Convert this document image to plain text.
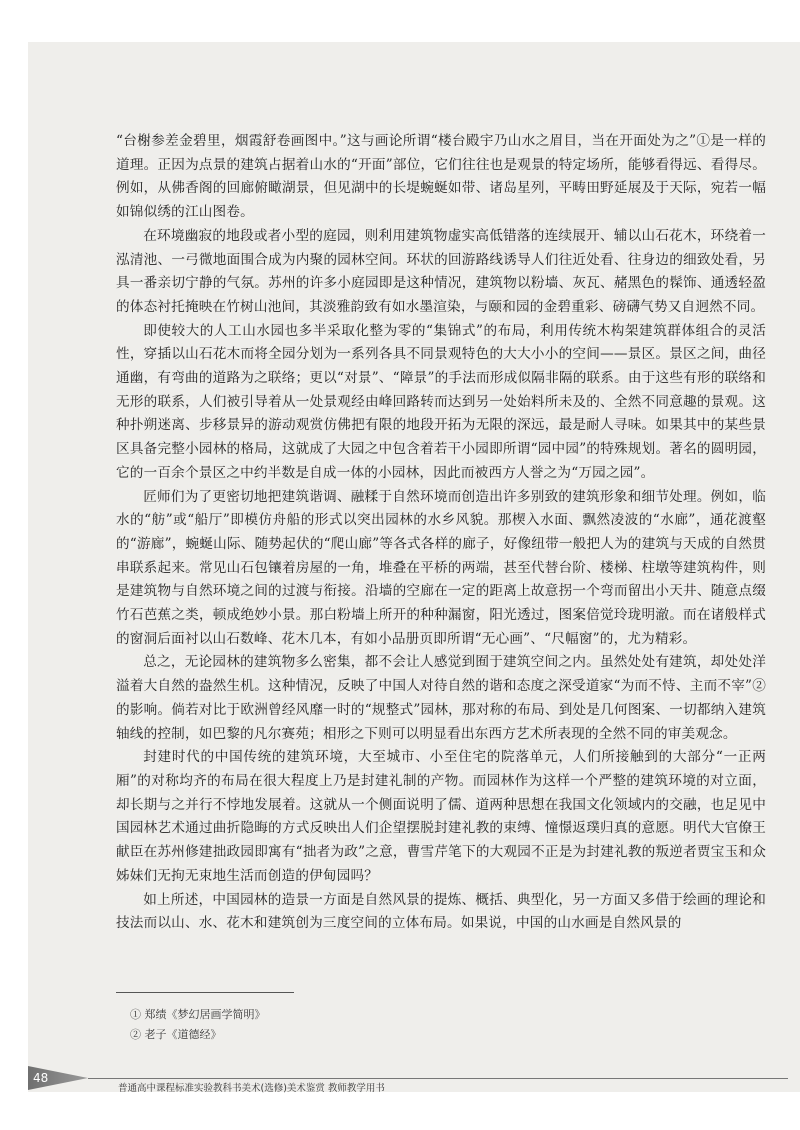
“台榭参差金碧里，烟霞舒卷画图中。”这与画论所谓“楼台殿宇乃山水之眉目，当在开面处为之”①是一样的道理。正因为点景的建筑占据着山水的“开面”部位，它们往往也是观景的特定场所，能够看得远、看得尽。例如，从佛香阁的回廊俯瞰湖景，但见湖中的长堤蜿蜒如带、诸岛星列，平畴田野延展及于天际，宛若一幅如锦似绣的江山图卷。

在环境幽寂的地段或者小型的庭园，则利用建筑物虚实高低错落的连续展开、辅以山石花木，环绕着一泓清池、一弓微地面围合成为内聚的园林空间。环状的回游路线诱导人们往近处看、往身边的细致处看，另具一番亲切宁静的气氛。苏州的许多小庭园即是这种情况，建筑物以粉墙、灰瓦、赭黑色的髹饰、通透轻盈的体态衬托掩映在竹树山池间，其淡雅韵致有如水墨渲染，与颐和园的金碧重彩、磅礴气势又自迥然不同。

即使较大的人工山水园也多半采取化整为零的“集锦式”的布局，利用传统木构架建筑群体组合的灵活性，穿插以山石花木而将全园分划为一系列各具不同景观特色的大大小小的空间——景区。景区之间，曲径通幽，有弯曲的道路为之联络；更以“对景”、“障景”的手法而形成似隔非隔的联系。由于这些有形的联络和无形的联系，人们被引导着从一处景观经由峰回路转而达到另一处始料所未及的、全然不同意趣的景观。这种扑朔迷离、步移景异的游动观赏仿佛把有限的地段开拓为无限的深远，最是耐人寻味。如果其中的某些景区具备完整小园林的格局，这就成了大园之中包含着若干小园即所谓“园中园”的特殊规划。著名的圆明园，它的一百余个景区之中约半数是自成一体的小园林，因此而被西方人誉之为“万园之园”。

匠师们为了更密切地把建筑谐调、融糅于自然环境而创造出许多别致的建筑形象和细节处理。例如，临水的“舫”或“船厅”即模仿舟船的形式以突出园林的水乡风貌。那楔入水面、飘然凌波的“水廊”，通花渡壑的“游廊”，蜿蜒山际、随势起伏的“爬山廊”等各式各样的廊子，好像纽带一般把人为的建筑与天成的自然贯串联系起来。常见山石包镶着房屋的一角，堆叠在平桥的两端，甚至代替台阶、楼梯、柱墩等建筑构件，则是建筑物与自然环境之间的过渡与衔接。沿墙的空廊在一定的距离上故意拐一个弯而留出小天井、随意点缀竹石芭蕉之类，顿成绝妙小景。那白粉墙上所开的种种漏窗，阳光透过，图案倍觉玲珑明澈。而在诸般样式的窗洞后面衬以山石数峰、花木几本，有如小品册页即所谓“无心画”、“尺幅窗”的，尤为精彩。

总之，无论园林的建筑物多么密集，都不会让人感觉到囿于建筑空间之内。虽然处处有建筑，却处处洋溢着大自然的盎然生机。这种情况，反映了中国人对待自然的谐和态度之深受道家“为而不恃、主而不宰”②的影响。倘若对比于欧洲曾经风靡一时的“规整式”园林，那对称的布局、到处是几何图案、一切都纳入建筑轴线的控制，如巴黎的凡尔赛苑；相形之下则可以明显看出东西方艺术所表现的全然不同的审美观念。

封建时代的中国传统的建筑环境，大至城市、小至住宅的院落单元，人们所接触到的大部分“一正两厢”的对称均齐的布局在很大程度上乃是封建礼制的产物。而园林作为这样一个严整的建筑环境的对立面，却长期与之并行不悖地发展着。这就从一个侧面说明了儒、道两种思想在我国文化领域内的交融，也足见中国园林艺术通过曲折隐晦的方式反映出人们企望摆脱封建礼教的束缚、憧憬返璞归真的意愿。明代大官僚王献臣在苏州修建拙政园即寓有“拙者为政”之意，曹雪芹笔下的大观园不正是为封建礼教的叛逆者贾宝玉和众姊妹们无拘无束地生活而创造的伊甸园吗？

如上所述，中国园林的造景一方面是自然风景的提炼、概括、典型化，另一方面又多借于绘画的理论和技法而以山、水、花木和建筑创为三度空间的立体布局。如果说，中国的山水画是自然风景的

① 郑绩《梦幻居画学简明》
② 老子《道德经》
48
普通高中课程标准实验教科书美术(选修)美术鉴赏 教师教学用书
